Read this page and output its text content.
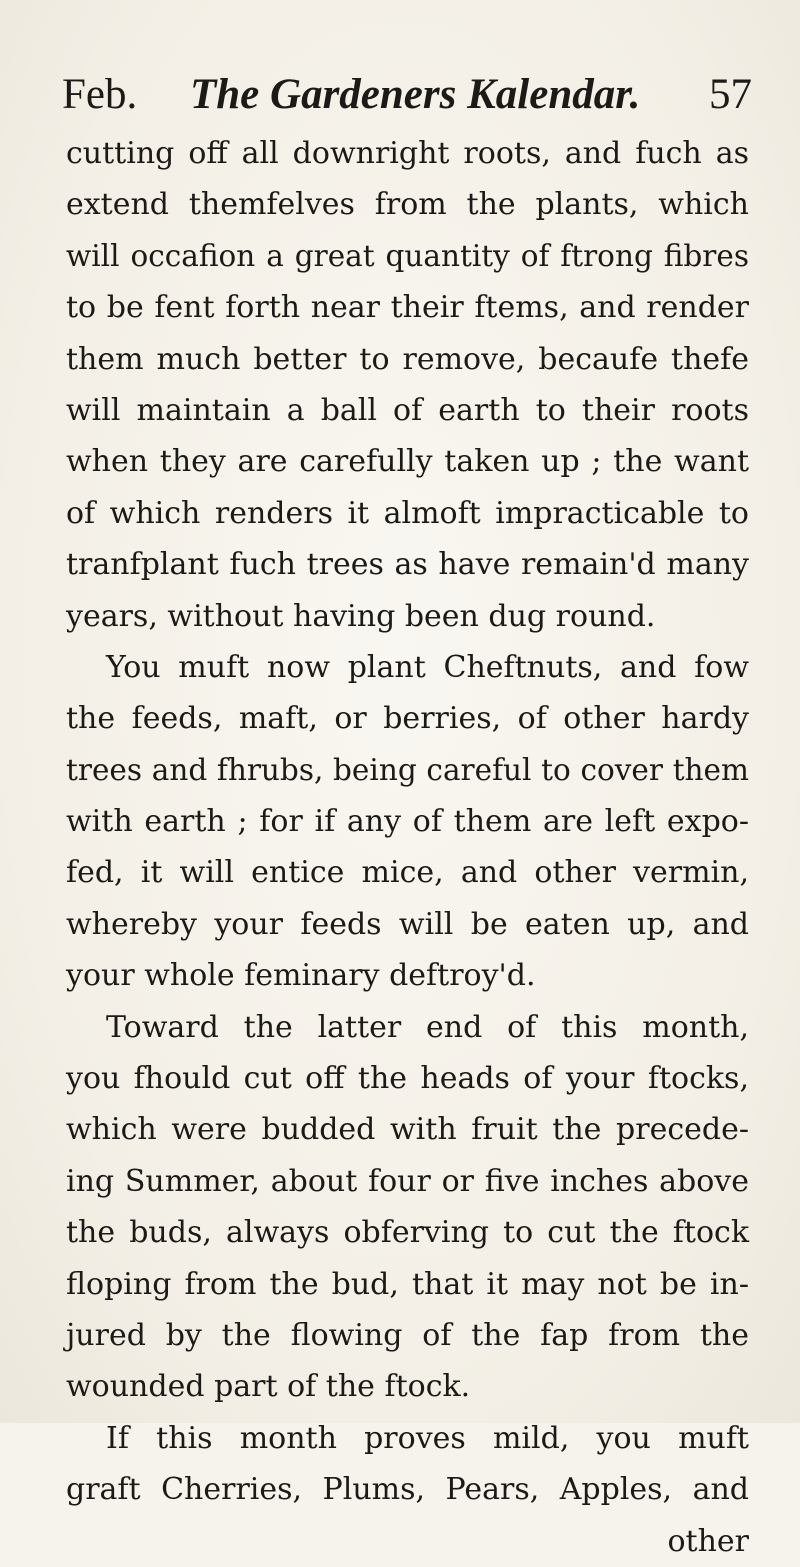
Feb. The Gardeners Kalendar. 57
cutting off all downright roots, and fuch as
extend themfelves from the plants, which
will occafion a great quantity of ftrong fibres
to be fent forth near their ftems, and render
them much better to remove, becaufe thefe
will maintain a ball of earth to their roots
when they are carefully taken up ; the want
of which renders it almoft impracticable to
tranfplant fuch trees as have remain'd many
years, without having been dug round.
You muft now plant Cheftnuts, and fow
the feeds, maft, or berries, of other hardy
trees and fhrubs, being careful to cover them
with earth ; for if any of them are left expo-
fed, it will entice mice, and other vermin,
whereby your feeds will be eaten up, and
your whole feminary deftroy'd.
Toward the latter end of this month,
you fhould cut off the heads of your ftocks,
which were budded with fruit the precede-
ing Summer, about four or five inches above
the buds, always obferving to cut the ftock
floping from the bud, that it may not be in-
jured by the flowing of the fap from the
wounded part of the ftock.
If this month proves mild, you muft
graft Cherries, Plums, Pears, Apples, and
other
